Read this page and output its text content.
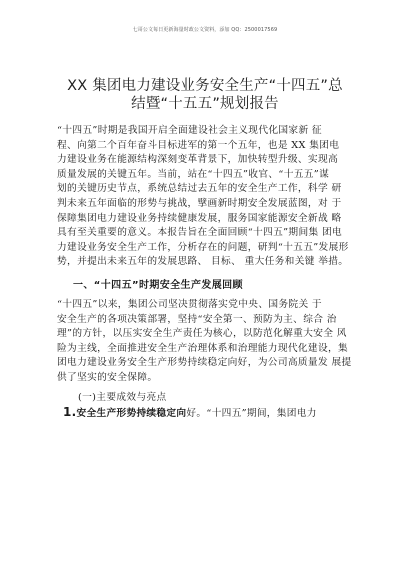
七哥公文每日更新海量时政公文资料，添加 QQ：2500017569
XX 集团电力建设业务安全生产“十四五”总
结暨“十五五”规划报告
“十四五”时期是我国开启全面建设社会主义现代化国家新 征
程、向第二个百年奋斗目标进军的第一个五年，也是 XX 集团电
力建设业务在能源结构深刻变革背景下，加快转型升级、实现高
质量发展的关键五年。当前，站在“十四五”收官、“十五五”谋
划的关键历史节点，系统总结过去五年的安全生产工作，科学 研
判未来五年面临的形势与挑战，擘画新时期安全发展蓝图，对 于
保障集团电力建设业务持续健康发展，服务国家能源安全新战 略
具有至关重要的意义。本报告旨在全面回顾“十四五”期间集 团电
力建设业务安全生产工作，分析存在的问题，研判“十五五”发展形
势，并提出未来五年的发展思路、 目标、 重大任务和关键 举措。
一、“十四五”时期安全生产发展回顾
“十四五”以来，集团公司坚决贯彻落实党中央、国务院关 于
安全生产的各项决策部署，坚持“安全第一、预防为主、综合 治
理”的方针，以压实安全生产责任为核心，以防范化解重大安全 风
险为主线，全面推进安全生产治理体系和治理能力现代化建设，集
团电力建设业务安全生产形势持续稳定向好，为公司高质量发 展提
供了坚实的安全保障。
(一)主要成效与亮点
1.安全生产形势持续稳定向好。“十四五”期间，集团电力
